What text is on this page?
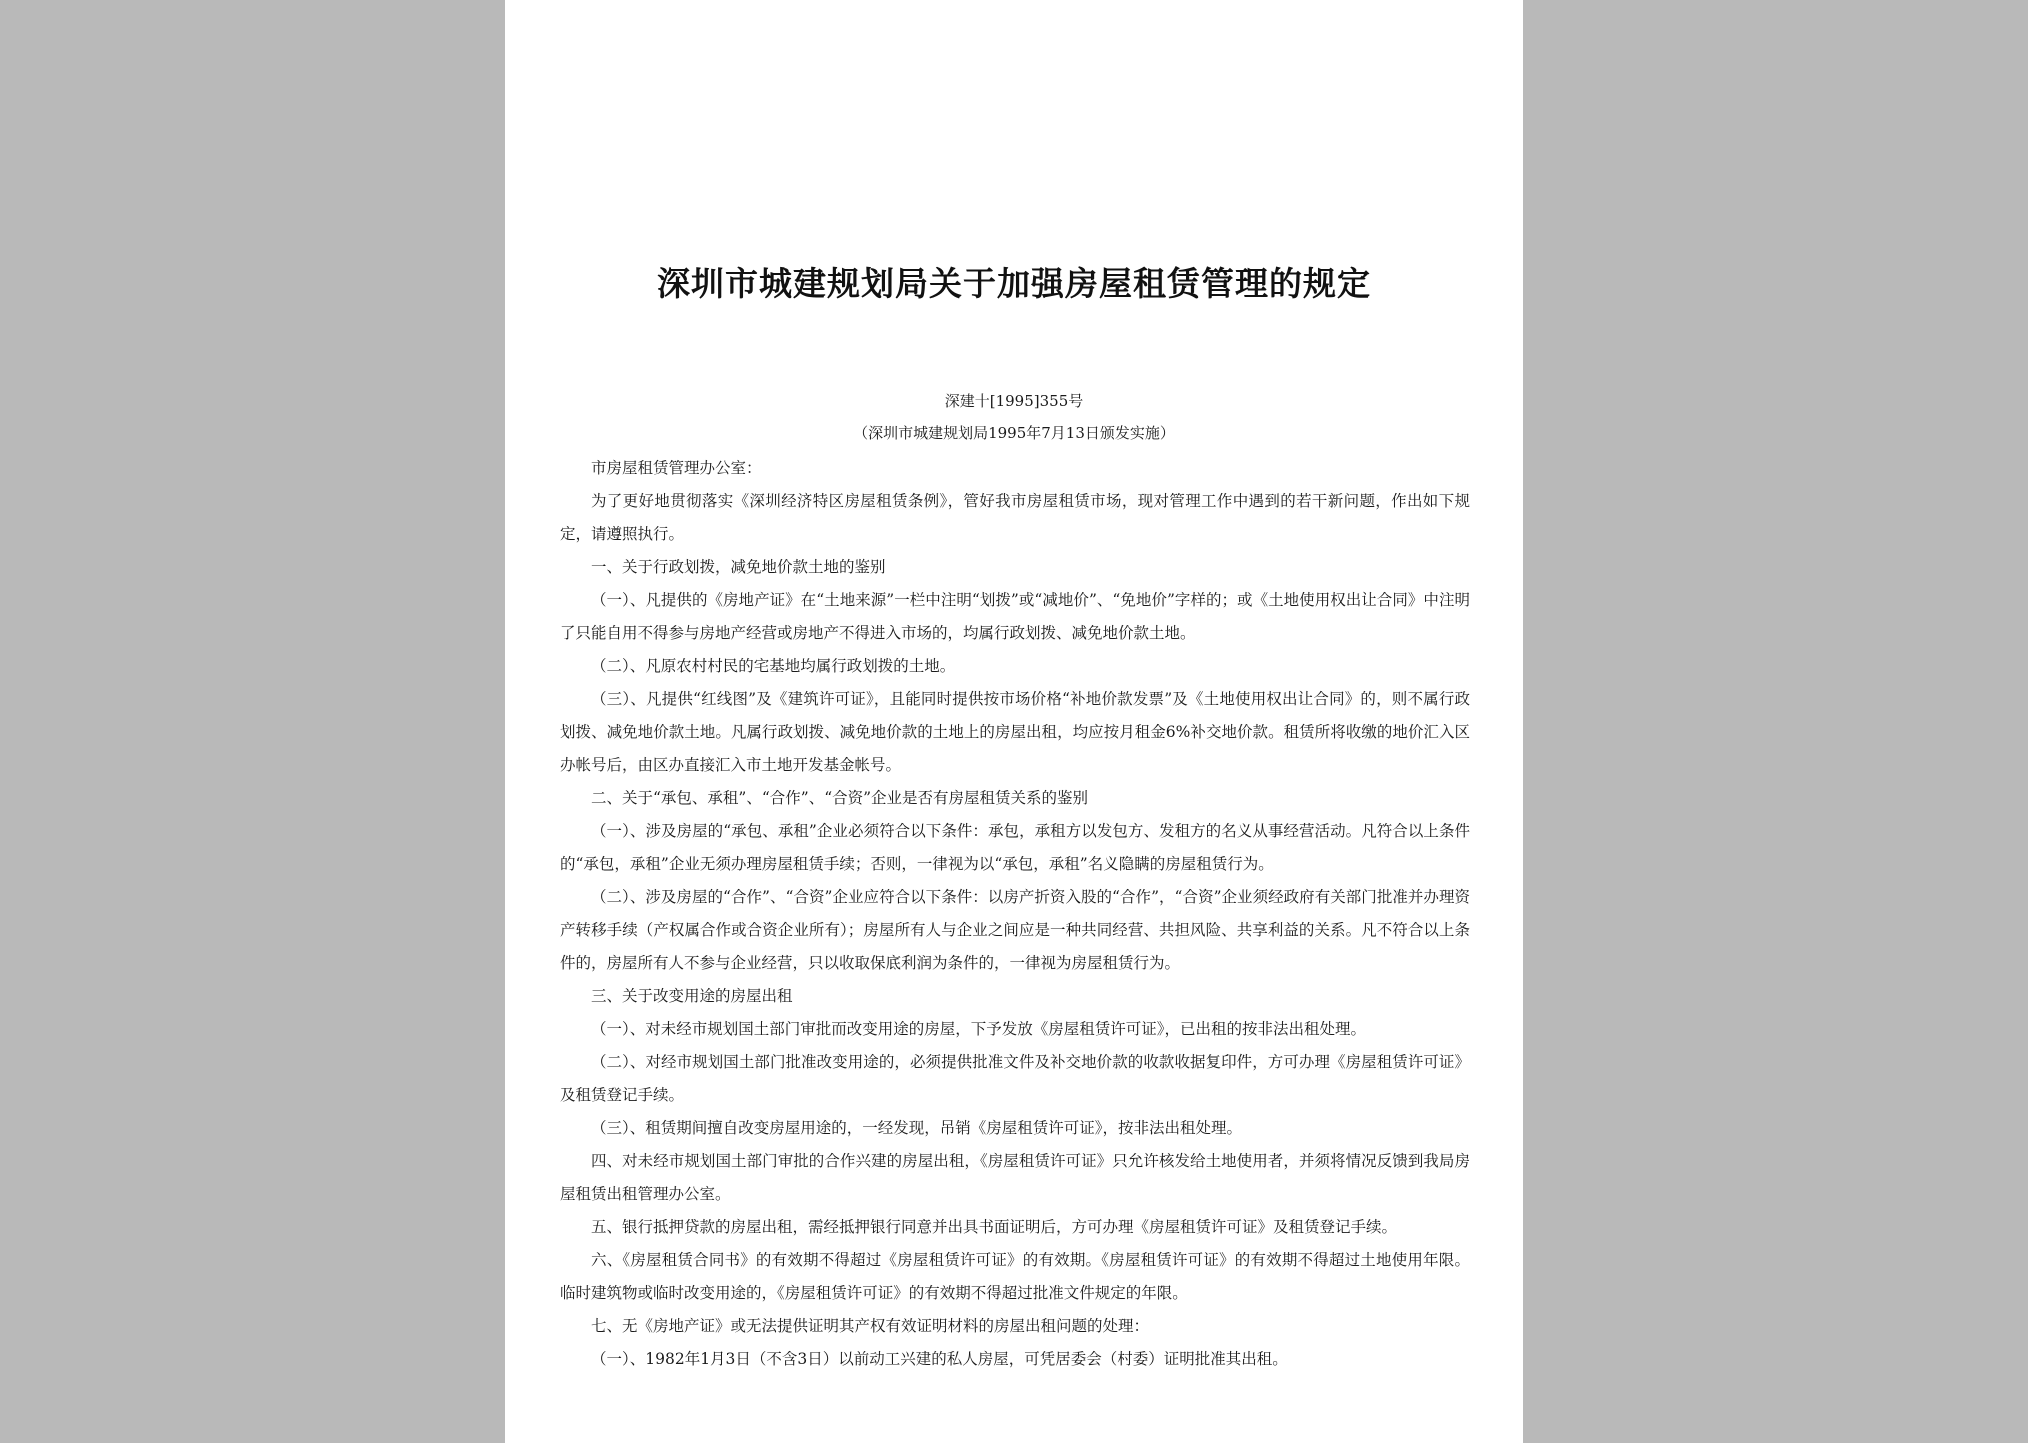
深圳市城建规划局关于加强房屋租赁管理的规定

深建十[1995]355号

（深圳市城建规划局1995年7月13日颁发实施）

市房屋租赁管理办公室：

为了更好地贯彻落实《深圳经济特区房屋租赁条例》，管好我市房屋租赁市场，现对管理工作中遇到的若干新问题，作出如下规定，请遵照执行。

一、关于行政划拨，减免地价款土地的鉴别

（一）、凡提供的《房地产证》在“土地来源”一栏中注明“划拨”或“减地价”、“免地价”字样的；或《土地使用权出让合同》中注明了只能自用不得参与房地产经营或房地产不得进入市场的，均属行政划拨、减免地价款土地。

（二）、凡原农村村民的宅基地均属行政划拨的土地。

（三）、凡提供“红线图”及《建筑许可证》，且能同时提供按市场价格“补地价款发票”及《土地使用权出让合同》的，则不属行政划拨、减免地价款土地。凡属行政划拨、减免地价款的土地上的房屋出租，均应按月租金6%补交地价款。租赁所将收缴的地价汇入区办帐号后，由区办直接汇入市土地开发基金帐号。

二、关于“承包、承租”、“合作”、“合资”企业是否有房屋租赁关系的鉴别

（一）、涉及房屋的“承包、承租”企业必须符合以下条件：承包，承租方以发包方、发租方的名义从事经营活动。凡符合以上条件的“承包，承租”企业无须办理房屋租赁手续；否则，一律视为以“承包，承租”名义隐瞒的房屋租赁行为。

（二）、涉及房屋的“合作”、“合资”企业应符合以下条件：以房产折资入股的“合作”，“合资”企业须经政府有关部门批准并办理资产转移手续（产权属合作或合资企业所有）；房屋所有人与企业之间应是一种共同经营、共担风险、共享利益的关系。凡不符合以上条件的，房屋所有人不参与企业经营，只以收取保底利润为条件的，一律视为房屋租赁行为。

三、关于改变用途的房屋出租

（一）、对未经市规划国土部门审批而改变用途的房屋，下予发放《房屋租赁许可证》，已出租的按非法出租处理。

（二）、对经市规划国土部门批准改变用途的，必须提供批准文件及补交地价款的收款收据复印件，方可办理《房屋租赁许可证》及租赁登记手续。

（三）、租赁期间擅自改变房屋用途的，一经发现，吊销《房屋租赁许可证》，按非法出租处理。

四、对未经市规划国土部门审批的合作兴建的房屋出租，《房屋租赁许可证》只允许核发给土地使用者，并须将情况反馈到我局房屋租赁出租管理办公室。

五、银行抵押贷款的房屋出租，需经抵押银行同意并出具书面证明后，方可办理《房屋租赁许可证》及租赁登记手续。

六、《房屋租赁合同书》的有效期不得超过《房屋租赁许可证》的有效期。《房屋租赁许可证》的有效期不得超过土地使用年限。临时建筑物或临时改变用途的，《房屋租赁许可证》的有效期不得超过批准文件规定的年限。

七、无《房地产证》或无法提供证明其产权有效证明材料的房屋出租问题的处理：

（一）、1982年1月3日（不含3日）以前动工兴建的私人房屋，可凭居委会（村委）证明批准其出租。
